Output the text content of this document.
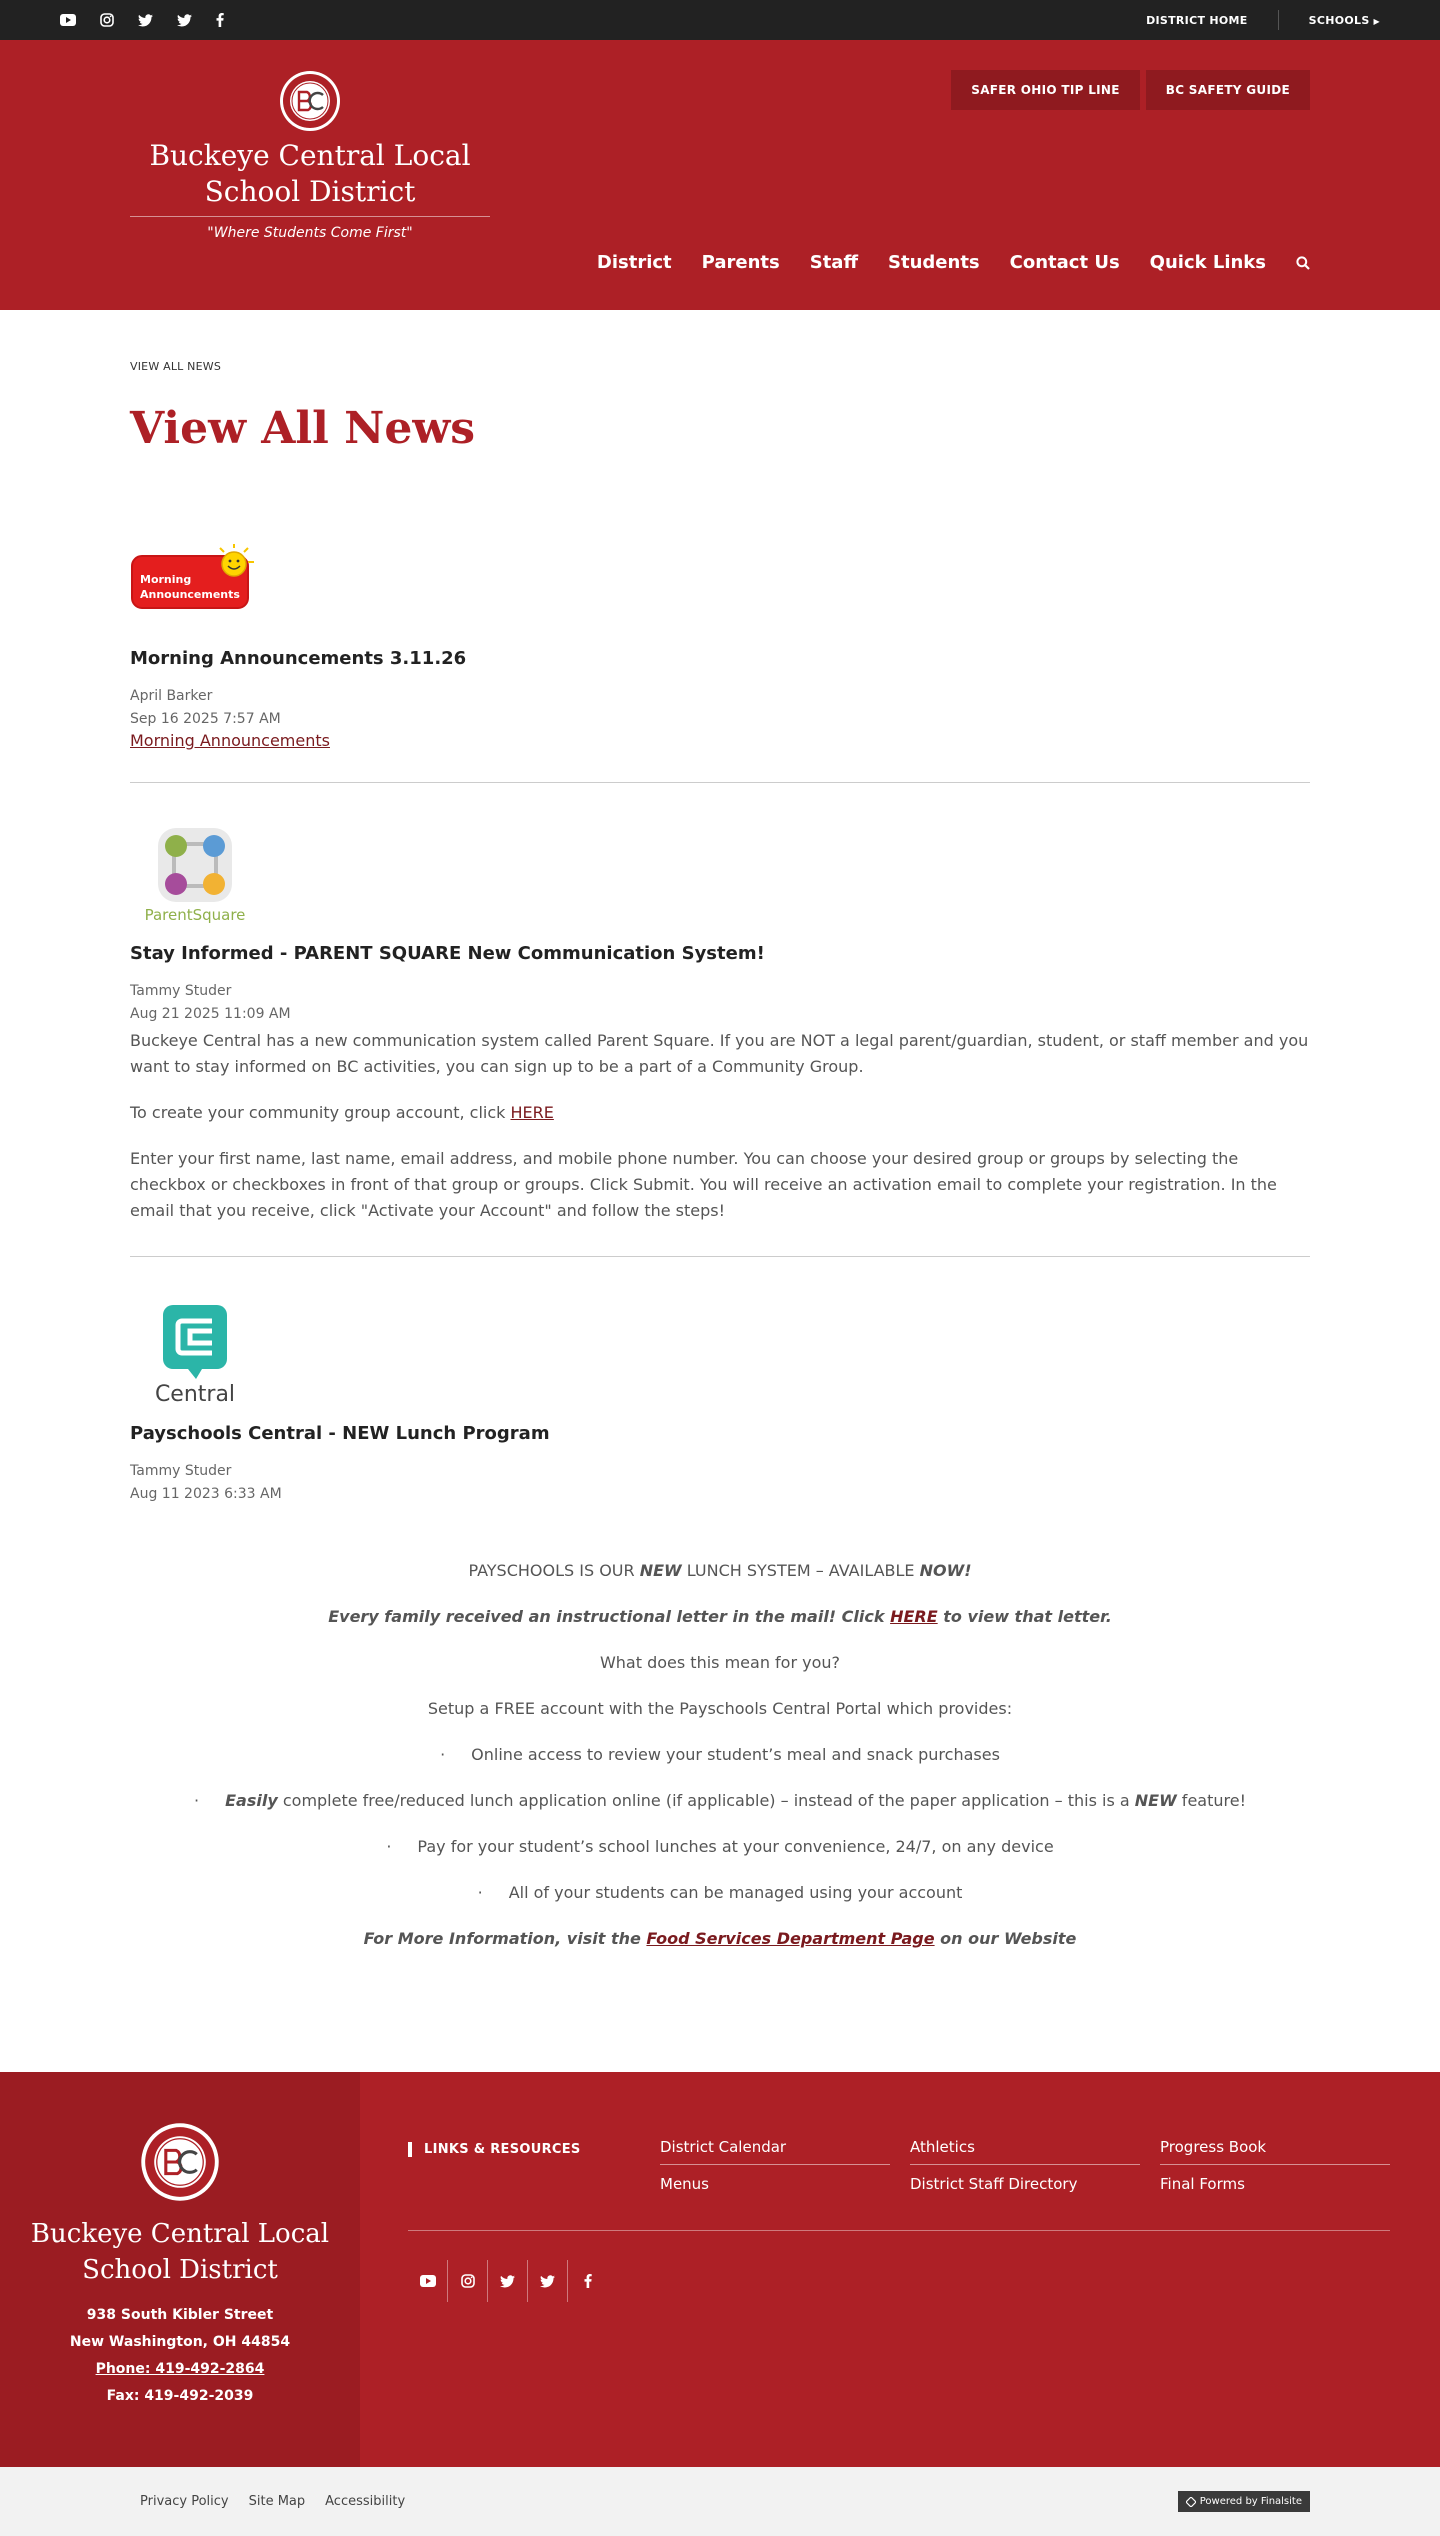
DISTRICT HOME	SCHOOLS ▶
Buckeye Central Local School District
"Where Students Come First"
SAFER OHIO TIP LINE	BC SAFETY GUIDE
District Parents Staff Students Contact Us Quick Links
VIEW ALL NEWS
View All News
Morning
Announcements
Morning Announcements 3.11.26
April Barker
Sep 16 2025 7:57 AM
Morning Announcements
ParentSquare
Stay Informed - PARENT SQUARE New Communication System!
Tammy Studer
Aug 21 2025 11:09 AM

Buckeye Central has a new communication system called Parent Square. If you are NOT a legal parent/guardian, student, or staff member and you want to stay informed on BC activities, you can sign up to be a part of a Community Group.

To create your community group account, click HERE

Enter your first name, last name, email address, and mobile phone number. You can choose your desired group or groups by selecting the checkbox or checkboxes in front of that group or groups. Click Submit. You will receive an activation email to complete your registration. In the email that you receive, click "Activate your Account" and follow the steps!

Central
Payschools Central - NEW Lunch Program
Tammy Studer
Aug 11 2023 6:33 AM

PAYSCHOOLS IS OUR NEW LUNCH SYSTEM – AVAILABLE NOW!

Every family received an instructional letter in the mail! Click HERE to view that letter.

What does this mean for you?

Setup a FREE account with the Payschools Central Portal which provides:

· Online access to review your student’s meal and snack purchases

· Easily complete free/reduced lunch application online (if applicable) – instead of the paper application – this is a NEW feature!

· Pay for your student’s school lunches at your convenience, 24/7, on any device

· All of your students can be managed using your account

For More Information, visit the Food Services Department Page on our Website

Buckeye Central Local School District
938 South Kibler Street
New Washington, OH 44854
Phone: 419-492-2864
Fax: 419-492-2039
LINKS & RESOURCES	District Calendar	Athletics	Progress Book
Menus	District Staff Directory	Final Forms
Privacy Policy Site Map Accessibility	Powered by Finalsite
